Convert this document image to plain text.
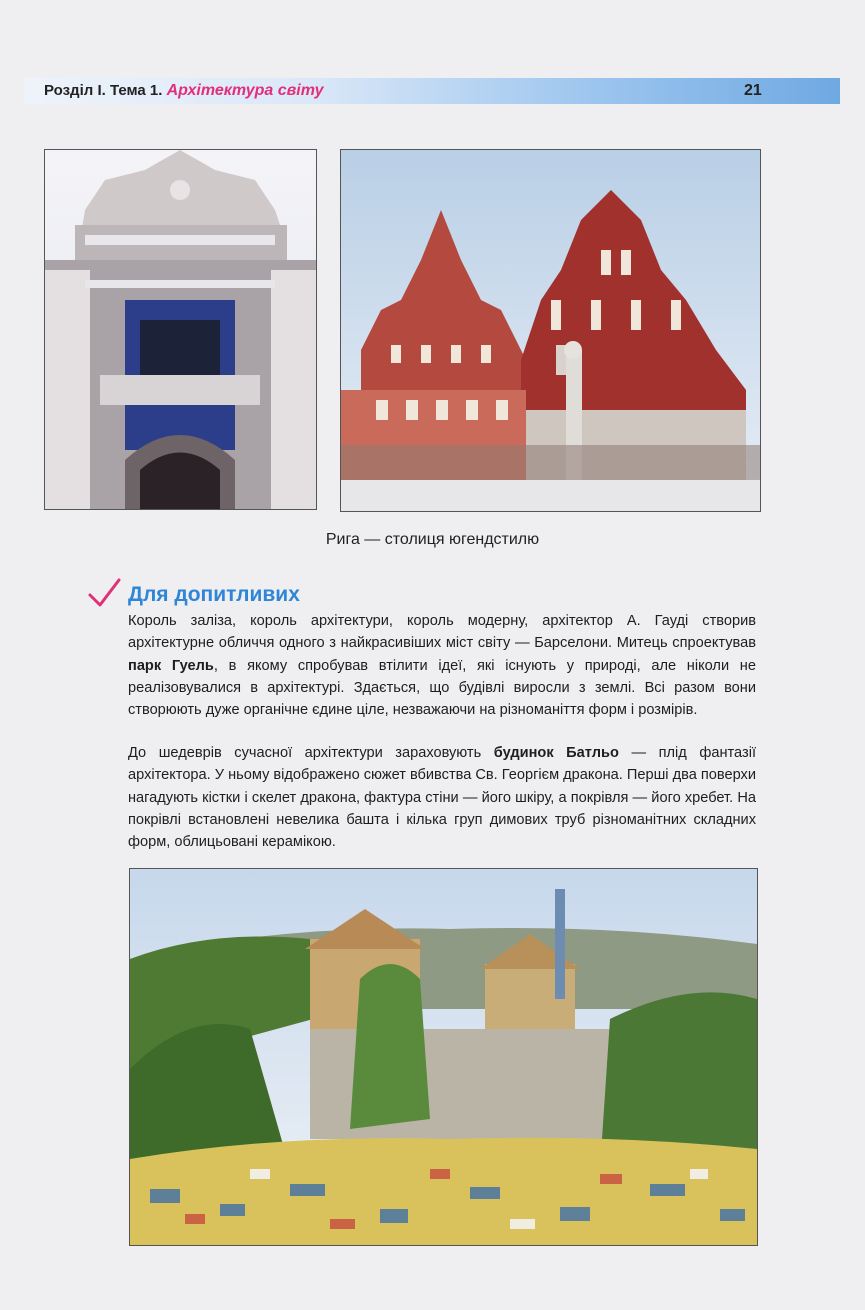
Розділ І. Тема 1. Архітектура світу	21
Рига — столиця югендстилю
Для допитливих

Король заліза, король архітектури, король модерну, архітектор А. Гауді створив архітектурне обличчя одного з найкрасивіших міст світу — Барселони. Митець спроектував парк Гуель, в якому спробував втілити ідеї, які існують у природі, але ніколи не реалізовувалися в архітектурі. Здається, що будівлі виросли з землі. Всі разом вони створюють дуже органічне єдине ціле, незважаючи на різноманіття форм і розмірів.

До шедеврів сучасної архітектури зараховують будинок Батльо — плід фантазії архітектора. У ньому відображено сюжет вбивства Св. Георгієм дракона. Перші два поверхи нагадують кістки і скелет дракона, фактура стіни — його шкіру, а покрівля — його хребет. На покрівлі встановлені невелика башта і кілька груп димових труб різноманітних складних форм, облицьовані керамікою.
